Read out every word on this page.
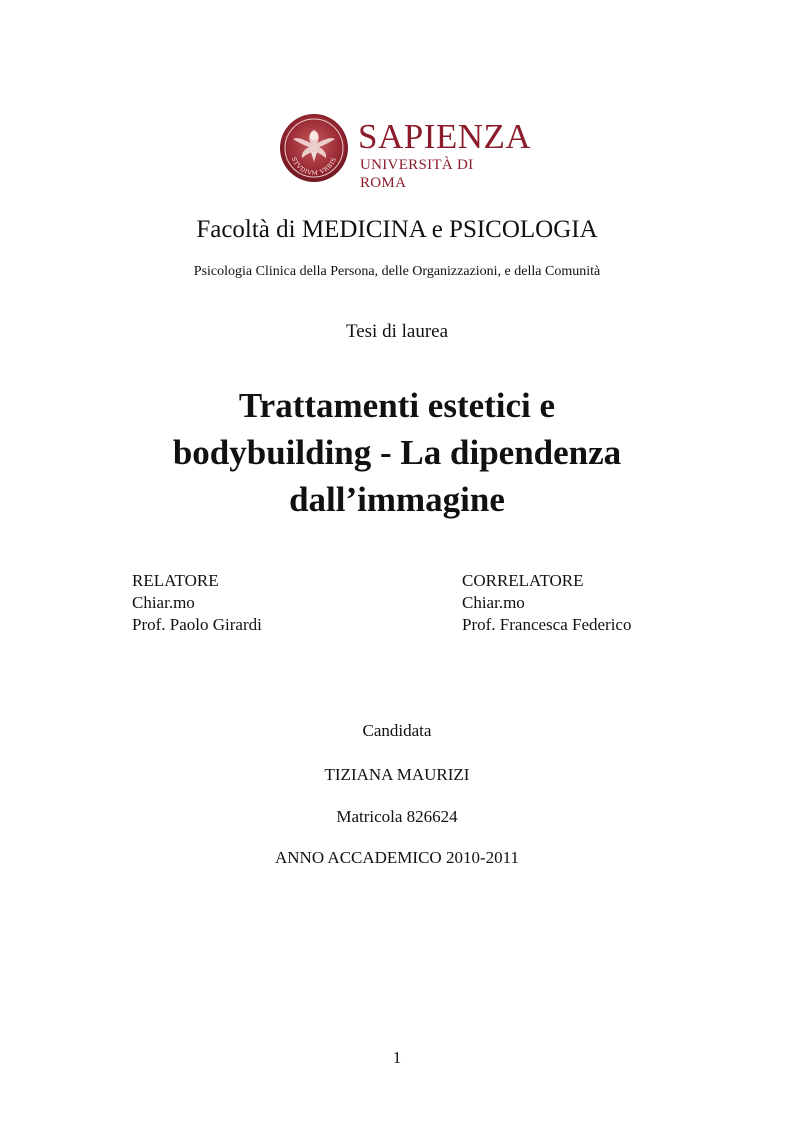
STVDIVM VRBIS
SAPIENZA
UNIVERSITÀ DI ROMA
Facoltà di MEDICINA e PSICOLOGIA
Psicologia Clinica della Persona, delle Organizzazioni, e della Comunità
Tesi di laurea
Trattamenti estetici e
bodybuilding - La dipendenza
dall’immagine
RELATORE
Chiar.mo
Prof. Paolo Girardi
CORRELATORE
Chiar.mo
Prof. Francesca Federico
Candidata
TIZIANA MAURIZI
Matricola 826624
ANNO ACCADEMICO 2010-2011
1
